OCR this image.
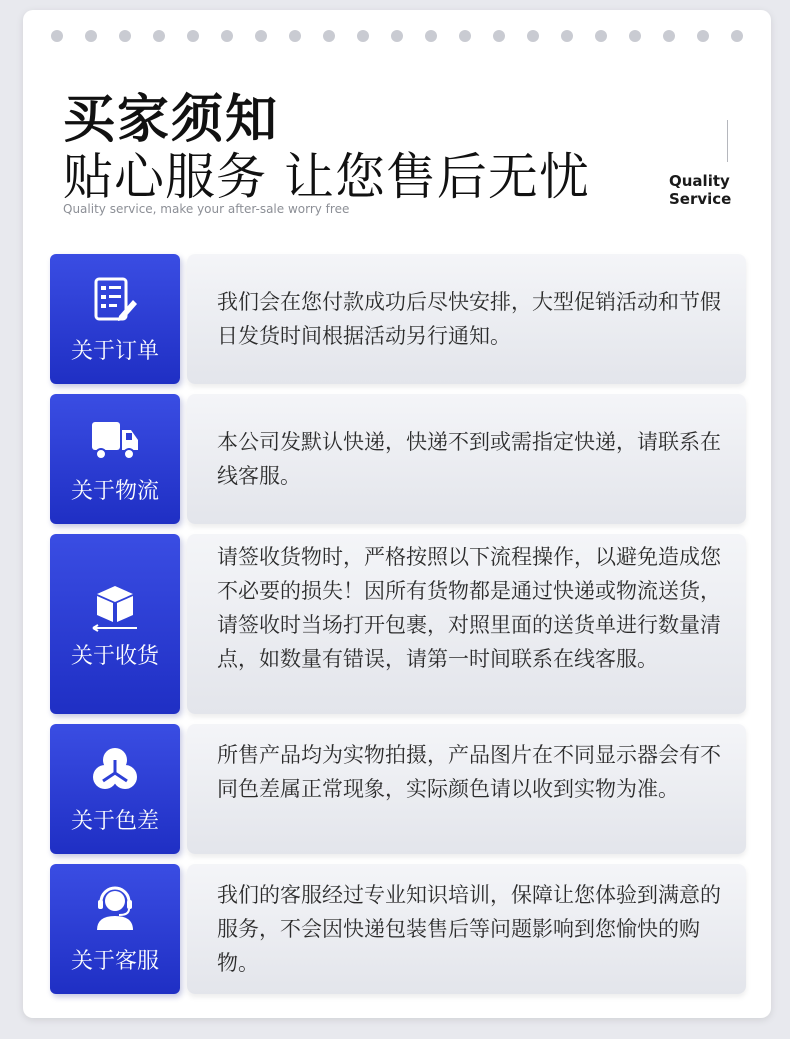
买家须知
贴心服务 让您售后无忧
Quality service, make your after-sale worry free
Quality
Service
关于订单
我们会在您付款成功后尽快安排，大型促销活动和节假日发货时间根据活动另行通知。
关于物流
本公司发默认快递，快递不到或需指定快递，请联系在线客服。
关于收货
请签收货物时，严格按照以下流程操作，以避免造成您不必要的损失！因所有货物都是通过快递或物流送货，请签收时当场打开包裹，对照里面的送货单进行数量清点，如数量有错误，请第一时间联系在线客服。
关于色差
所售产品均为实物拍摄，产品图片在不同显示器会有不同色差属正常现象，实际颜色请以收到实物为准。
关于客服
我们的客服经过专业知识培训，保障让您体验到满意的服务，不会因快递包装售后等问题影响到您愉快的购物。
